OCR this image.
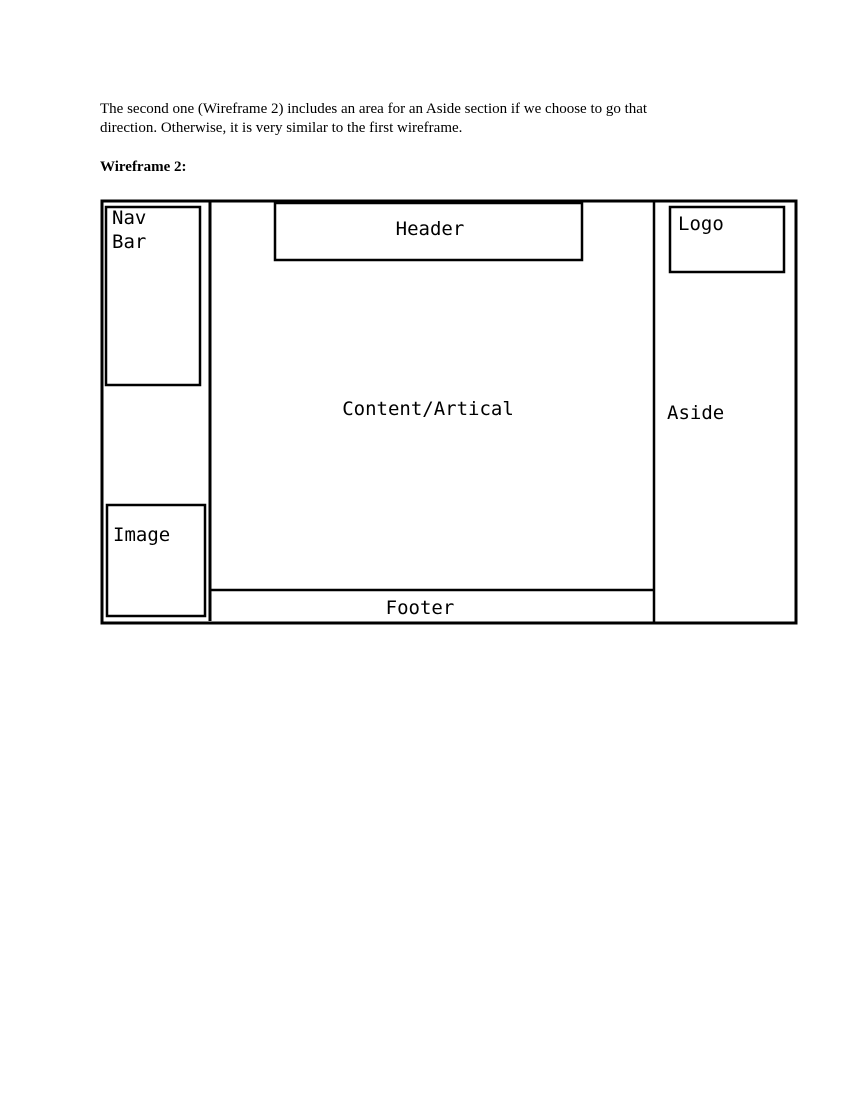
The second one (Wireframe 2) includes an area for an Aside section if we choose to go that
direction. Otherwise, it is very similar to the first wireframe.

Wireframe 2:

Nav
Bar
Image
Header
Content/Artical
Footer
Logo
Aside
